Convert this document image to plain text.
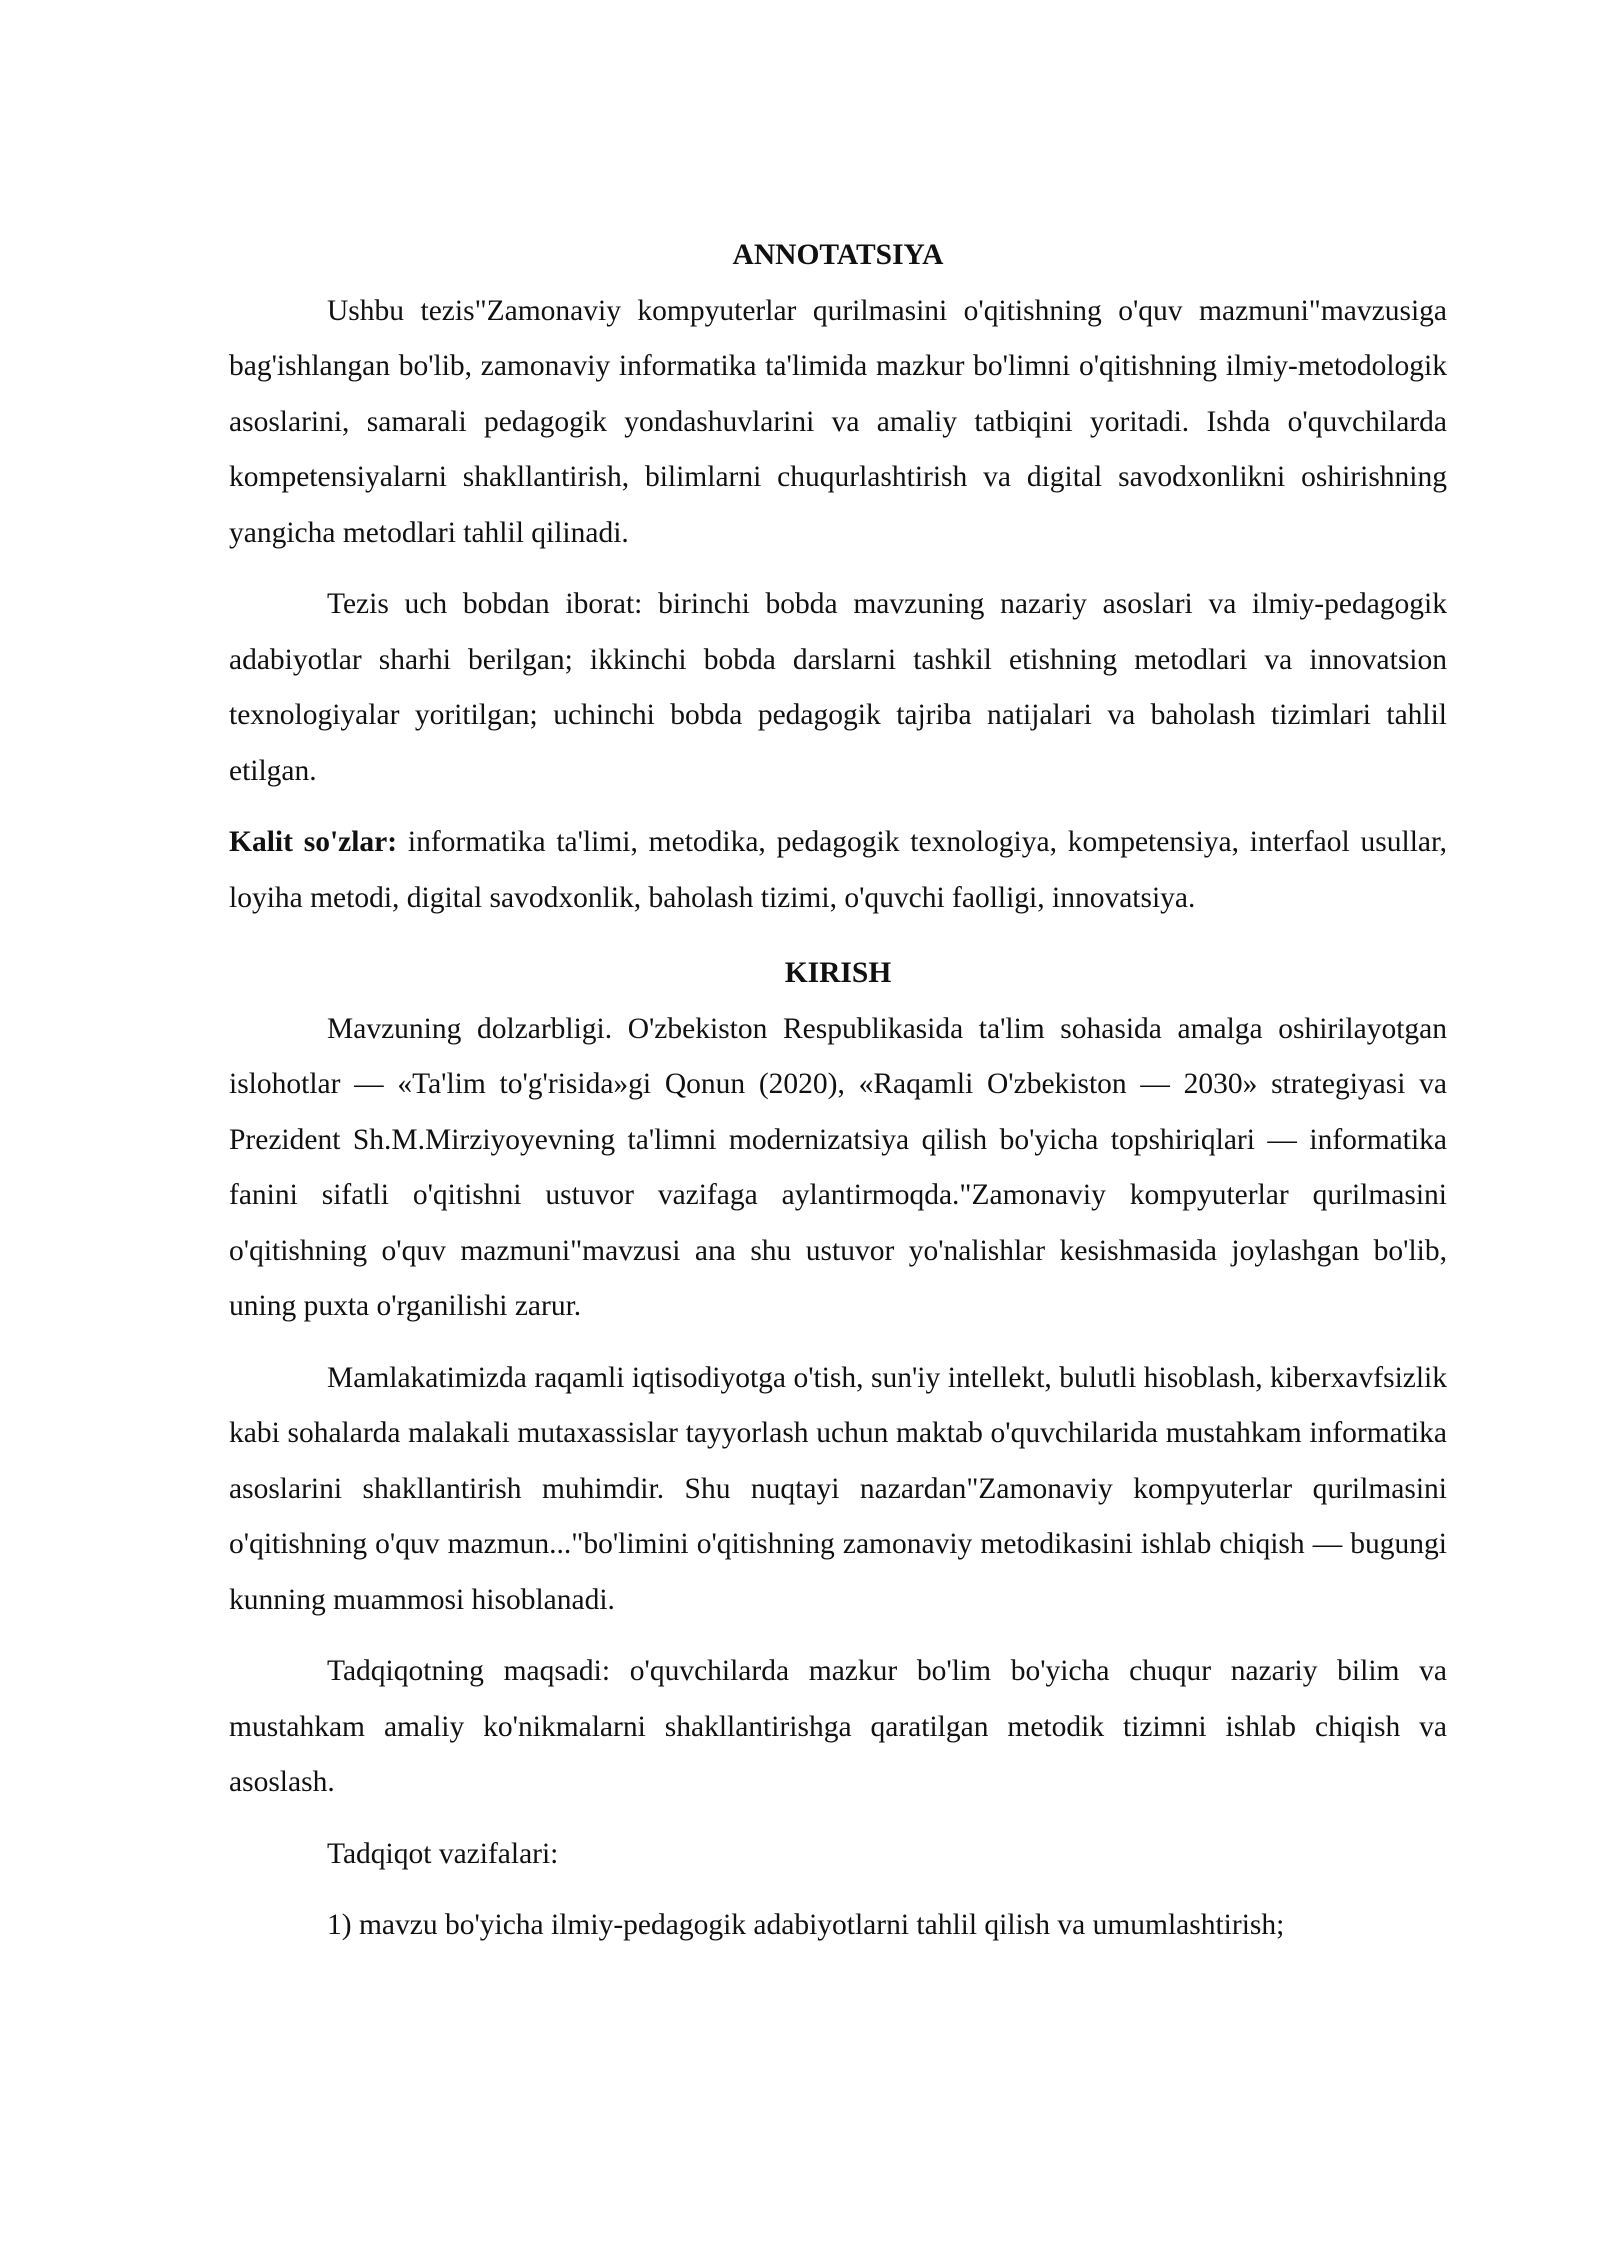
ANNOTATSIYA

Ushbu tezis"Zamonaviy kompyuterlar qurilmasini o'qitishning o'quv mazmuni"mavzusiga bag'ishlangan bo'lib, zamonaviy informatika ta'limida mazkur bo'limni o'qitishning ilmiy-metodologik asoslarini, samarali pedagogik yondashuvlarini va amaliy tatbiqini yoritadi. Ishda o'quvchilarda kompetensiyalarni shakllantirish, bilimlarni chuqurlashtirish va digital savodxonlikni oshirishning yangicha metodlari tahlil qilinadi.

Tezis uch bobdan iborat: birinchi bobda mavzuning nazariy asoslari va ilmiy-pedagogik adabiyotlar sharhi berilgan; ikkinchi bobda darslarni tashkil etishning metodlari va innovatsion texnologiyalar yoritilgan; uchinchi bobda pedagogik tajriba natijalari va baholash tizimlari tahlil etilgan.

Kalit so'zlar: informatika ta'limi, metodika, pedagogik texnologiya, kompetensiya, interfaol usullar, loyiha metodi, digital savodxonlik, baholash tizimi, o'quvchi faolligi, innovatsiya.

KIRISH

Mavzuning dolzarbligi. O'zbekiston Respublikasida ta'lim sohasida amalga oshirilayotgan islohotlar — «Ta'lim to'g'risida»gi Qonun (2020), «Raqamli O'zbekiston — 2030» strategiyasi va Prezident Sh.M.Mirziyoyevning ta'limni modernizatsiya qilish bo'yicha topshiriqlari — informatika fanini sifatli o'qitishni ustuvor vazifaga aylantirmoqda."Zamonaviy kompyuterlar qurilmasini o'qitishning o'quv mazmuni"mavzusi ana shu ustuvor yo'nalishlar kesishmasida joylashgan bo'lib, uning puxta o'rganilishi zarur.

Mamlakatimizda raqamli iqtisodiyotga o'tish, sun'iy intellekt, bulutli hisoblash, kiberxavfsizlik kabi sohalarda malakali mutaxassislar tayyorlash uchun maktab o'quvchilarida mustahkam informatika asoslarini shakllantirish muhimdir. Shu nuqtayi nazardan"Zamonaviy kompyuterlar qurilmasini o'qitishning o'quv mazmun..."bo'limini o'qitishning zamonaviy metodikasini ishlab chiqish — bugungi kunning muammosi hisoblanadi.

Tadqiqotning maqsadi: o'quvchilarda mazkur bo'lim bo'yicha chuqur nazariy bilim va mustahkam amaliy ko'nikmalarni shakllantirishga qaratilgan metodik tizimni ishlab chiqish va asoslash.

Tadqiqot vazifalari:

1) mavzu bo'yicha ilmiy-pedagogik adabiyotlarni tahlil qilish va umumlashtirish;
